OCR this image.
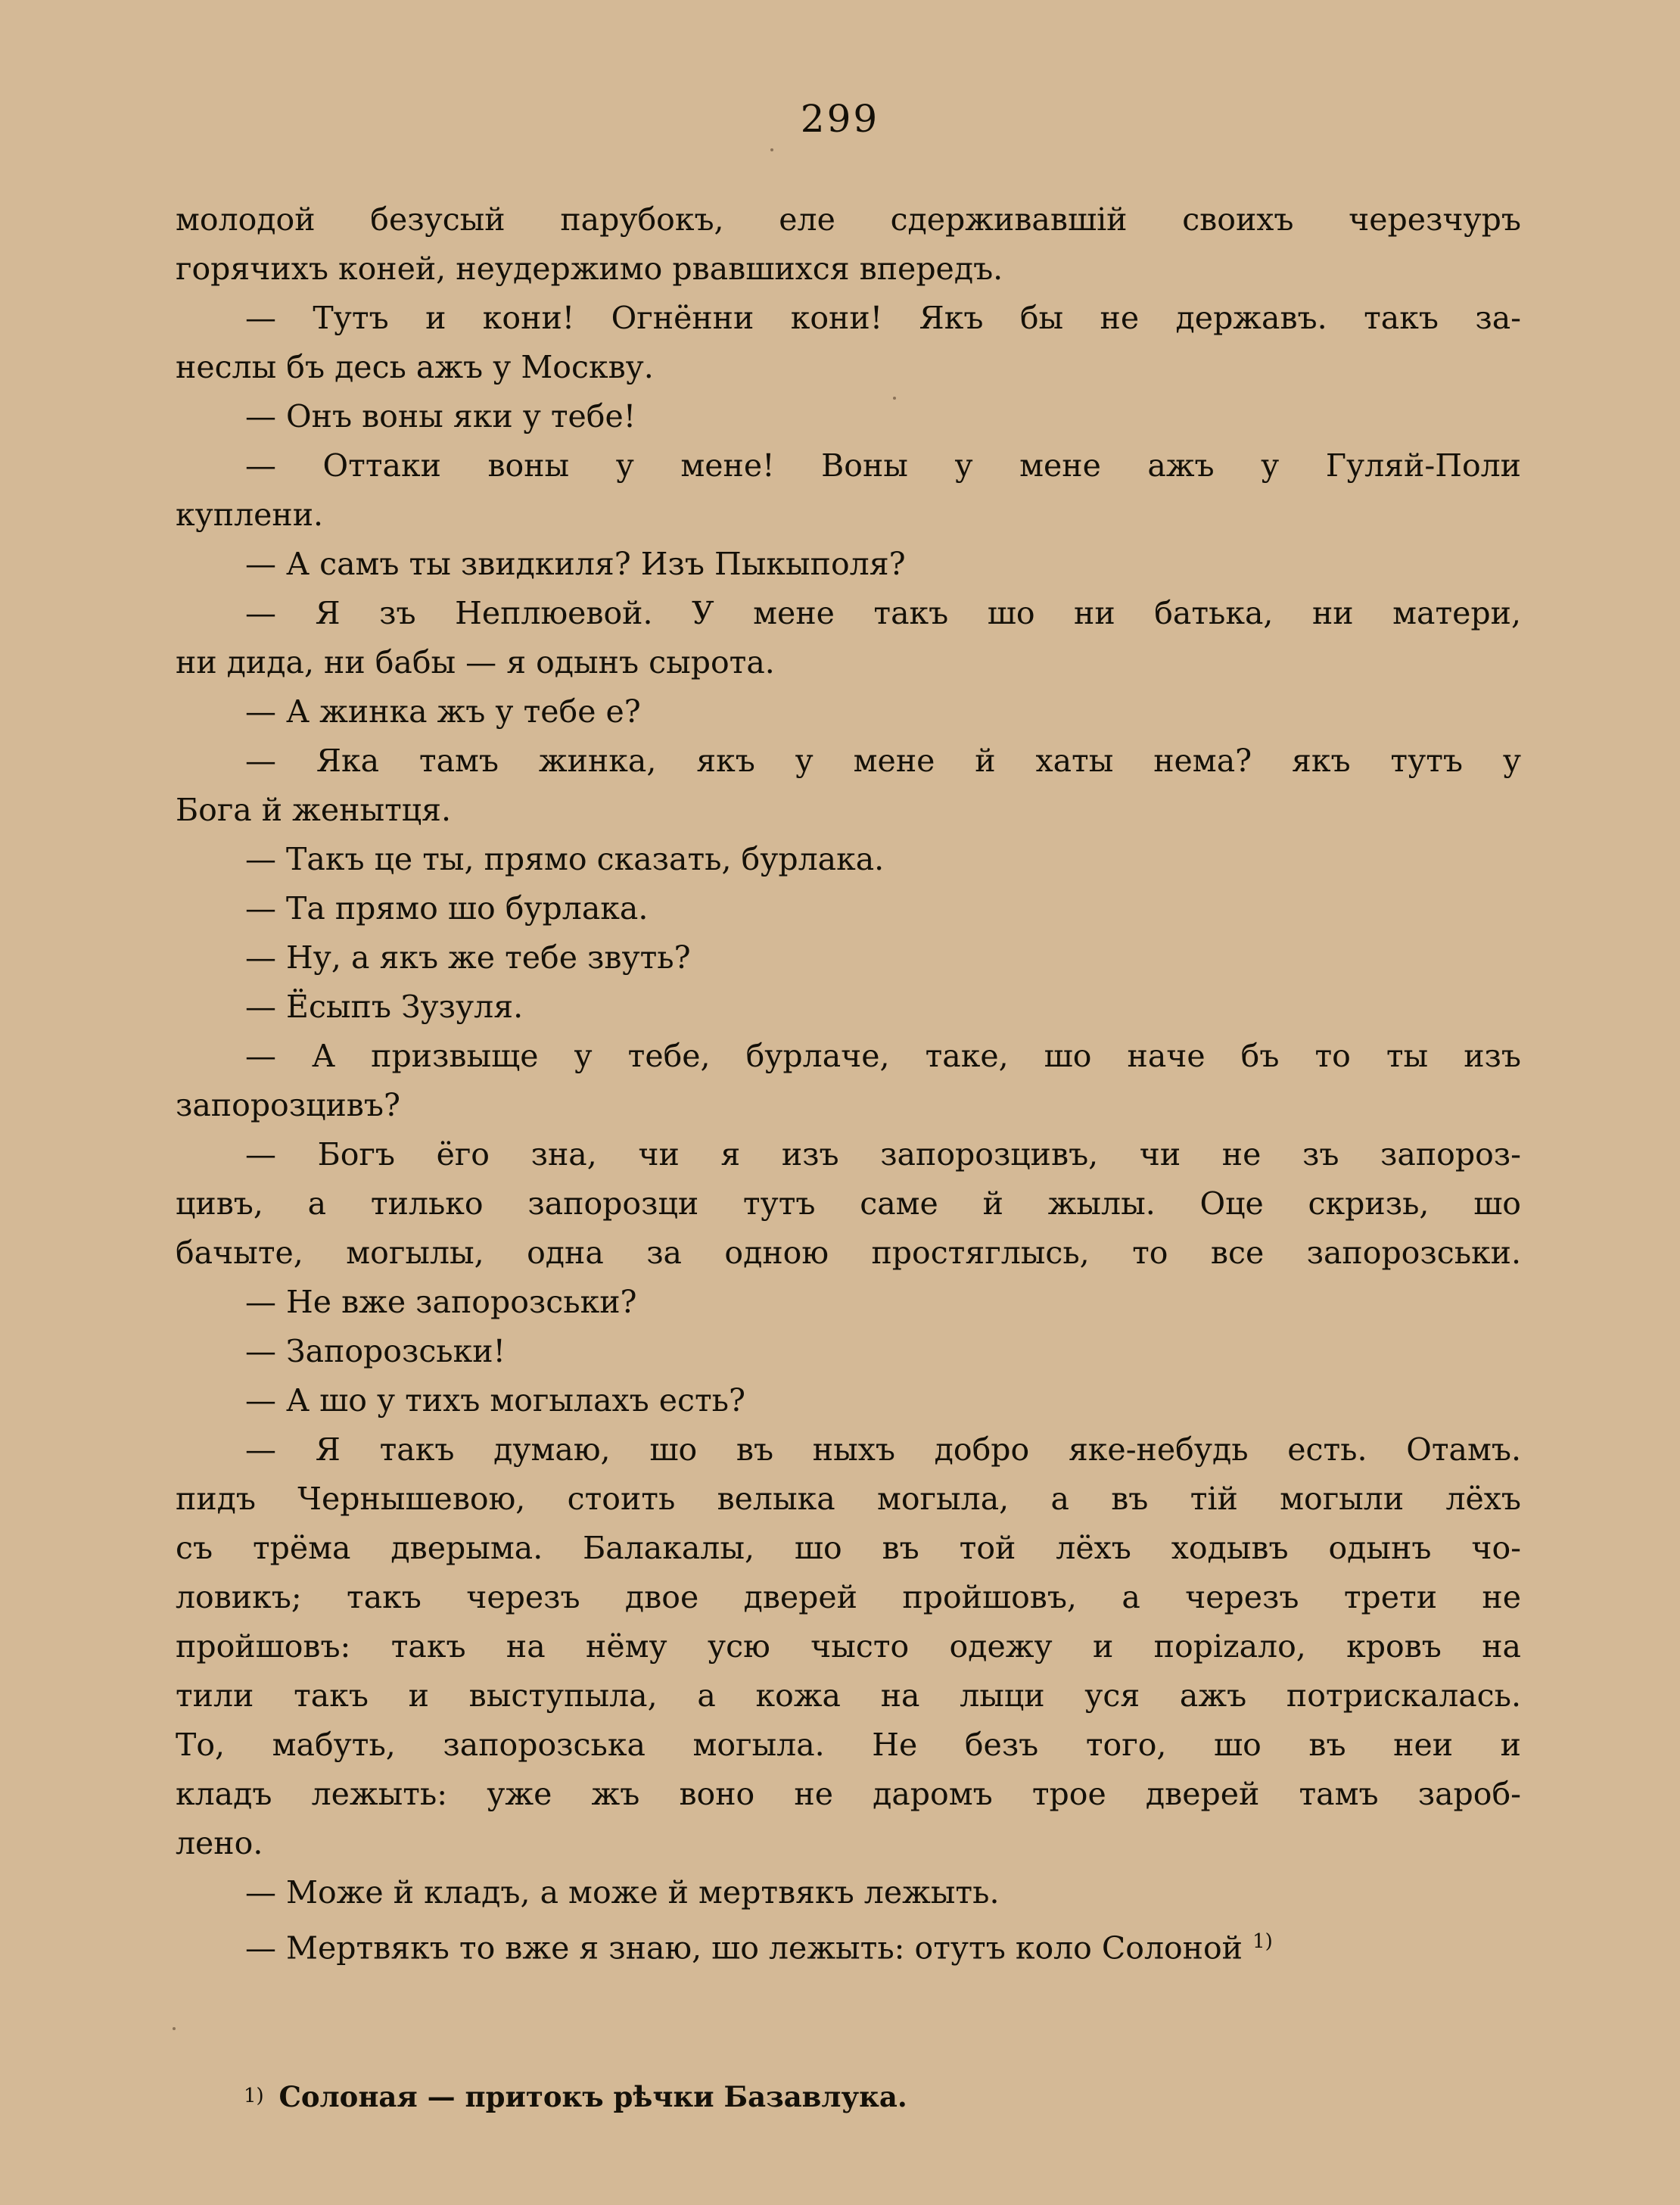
299
молодой безусый парубокъ, еле сдерживавшій своихъ черезчуръ
горячихъ коней, неудержимо рвавшихся впередъ.
— Тутъ и кони! Огнённи кони! Якъ бы не державъ. такъ за-
неслы бъ десь ажъ у Москву.
— Онъ воны яки у тебе!
— Оттаки воны у мене! Воны у мене ажъ у Гуляй-Поли
куплени.
— А самъ ты звидкиля? Изъ Пыкыполя?
— Я зъ Неплюевой. У мене такъ шо ни батька, ни матери,
ни дида, ни бабы — я одынъ сырота.
— А жинка жъ у тебе е?
— Яка тамъ жинка, якъ у мене й хаты нема? якъ тутъ у
Бога й женытця.
— Такъ це ты, прямо сказать, бурлака.
— Та прямо шо бурлака.
— Ну, а якъ же тебе звуть?
— Ёсыпъ Зузуля.
— А призвыще у тебе, бурлаче, таке, шо наче бъ то ты изъ
запорозцивъ?
— Богъ ёго зна, чи я изъ запорозцивъ, чи не зъ запороз-
цивъ, а тилько запорозци тутъ саме й жылы. Оце скризь, шо
бачыте, могылы, одна за одною простяглысь, то все запорозськи.
— Не вже запорозськи?
— Запорозськи!
— А шо у тихъ могылахъ есть?
— Я такъ думаю, шо въ ныхъ добро яке-небудь есть. Отамъ.
пидъ Чернышевою, стоить велыка могыла, а въ тій могыли лёхъ
съ трёма дверыма. Балакалы, шо въ той лёхъ ходывъ одынъ чо-
ловикъ; такъ черезъ двое дверей пройшовъ, а черезъ трети не
пройшовъ: такъ на нёму усю чысто одежу и порizало, кровъ на
тили такъ и выступыла, а кожа на лыци уся ажъ потрискалась.
То, мабуть, запорозська могыла. Не безъ того, шо въ неи и
кладъ лежыть: уже жъ воно не даромъ трое дверей тамъ зароб-
лено.
— Може й кладъ, а може й мертвякъ лежыть.
— Мертвякъ то вже я знаю, шо лежыть: отутъ коло Солоной $^{1)}$
1) Солоная — притокъ рѣчки Базавлука.
